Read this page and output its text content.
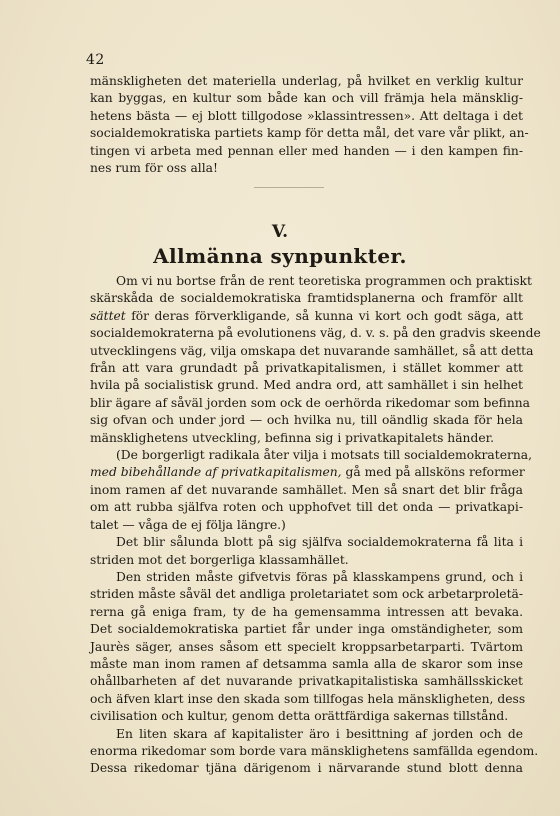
42
mänskligheten det materiella underlag, på hvilket en verklig kultur
kan byggas, en kultur som både kan och vill främja hela mänsklig-
hetens bästa — ej blott tillgodose »klassintressen». Att deltaga i det
socialdemokratiska partiets kamp för detta mål, det vare vår plikt, an-
tingen vi arbeta med pennan eller med handen — i den kampen fin-
nes rum för oss alla!
V.
Allmänna synpunkter.
Om vi nu bortse från de rent teoretiska programmen och praktiskt
skärskåda de socialdemokratiska framtidsplanerna och framför allt
sättet för deras förverkligande, så kunna vi kort och godt säga, att
socialdemokraterna på evolutionens väg, d. v. s. på den gradvis skeende
utvecklingens väg, vilja omskapa det nuvarande samhället, så att detta
från att vara grundadt på privatkapitalismen, i stället kommer att
hvila på socialistisk grund. Med andra ord, att samhället i sin helhet
blir ägare af såväl jorden som ock de oerhörda rikedomar som befinna
sig ofvan och under jord — och hvilka nu, till oändlig skada för hela
mänsklighetens utveckling, befinna sig i privatkapitalets händer.
(De borgerligt radikala åter vilja i motsats till socialdemokraterna,
med bibehållande af privatkapitalismen, gå med på allsköns reformer
inom ramen af det nuvarande samhället. Men så snart det blir fråga
om att rubba själfva roten och upphofvet till det onda — privatkapi-
talet — våga de ej följa längre.)
Det blir sålunda blott på sig själfva socialdemokraterna få lita i
striden mot det borgerliga klassamhället.
Den striden måste gifvetvis föras på klasskampens grund, och i
striden måste såväl det andliga proletariatet som ock arbetarproletä-
rerna gå eniga fram, ty de ha gemensamma intressen att bevaka.
Det socialdemokratiska partiet får under inga omständigheter, som
Jaurès säger, anses såsom ett specielt kroppsarbetarparti. Tvärtom
måste man inom ramen af detsamma samla alla de skaror som inse
ohållbarheten af det nuvarande privatkapitalistiska samhällsskicket
och äfven klart inse den skada som tillfogas hela mänskligheten, dess
civilisation och kultur, genom detta orättfärdiga sakernas tillstånd.
En liten skara af kapitalister äro i besittning af jorden och de
enorma rikedomar som borde vara mänsklighetens samfällda egendom.
Dessa rikedomar tjäna därigenom i närvarande stund blott denna
